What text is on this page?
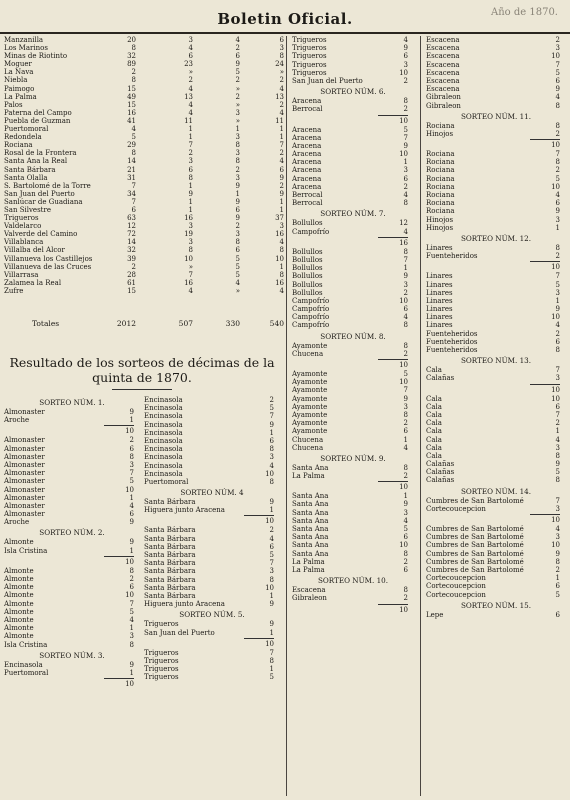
Boletin Oficial.	Año de 1870.
Manzanilla	20	3	4	6
Los Marinos	8	4	2	3
Minas de Riotinto	32	6	6	8
Moguer	89	23	9	24
La Nava	2	»	5	»
Niebla	8	2	2	2
Paimogo	15	4	»	4
La Palma	49	13	2	13
Palos	15	4	»	2
Paterna del Campo	16	4	3	4
Puebla de Guzman	41	11	»	11
Puertomoral	4	1	1	1
Redondela	5	1	3	1
Rociana	29	7	8	7
Rosal de la Frontera	8	2	3	2
Santa Ana la Real	14	3	8	4
Santa Bárbara	21	6	2	6
Santa Olalla	31	8	3	9
S. Bartolomé de la Torre	7	1	9	2
San Juan del Puerto	34	9	1	9
Sanlúcar de Guadiana	7	1	9	1
San Silvestre	6	1	6	1
Trigueros	63	16	9	37
Valdelarco	12	3	2	3
Valverde del Camino	72	19	3	16
Villablanca	14	3	8	4
Villalba del Alcor	32	8	6	8
Villanueva los Castillejos	39	10	5	10
Villanueva de las Cruces	2	»	5	1
Villarrasa	28	7	5	8
Zalamea la Real	61	16	4	16
Zufre	15	4	»	4
Totales	2012	507	330	540
Resultado de los sorteos de décimas de la quinta de 1870.
SORTEO NÚM. 1.
Almonaster	9
Aroche	1
10
Almonaster	2
Almonaster	6
Almonaster	8
Almonaster	3
Almonaster	7
Almonaster	5
Almonaster	10
Almonaster	1
Almonaster	4
Almonaster	6
Aroche	9
SORTEO NÚM. 2.
Almonte	9
Isla Cristina	1
10
Almonte	8
Almonte	2
Almonte	6
Almonte	10
Almonte	7
Almonte	5
Almonte	4
Almonte	1
Almonte	3
Isla Cristina	8
SORTEO NÚM. 3.
Encinasola	9
Puertomoral	1
10
Encinasola	2
Encinasola	5
Encinasola	7
Encinasola	9
Encinasola	1
Encinasola	6
Encinasola	8
Encinasola	3
Encinasola	4
Encinasola	10
Puertomoral	8
SORTEO NÚM. 4
Santa Bárbara	9
Higuera junto Aracena	1
10
Santa Bárbara	2
Santa Bárbara	4
Santa Bárbara	6
Santa Bárbara	5
Santa Bárbara	7
Santa Bárbara	3
Santa Bárbara	8
Santa Bárbara	10
Santa Bárbara	1
Higuera junto Aracena	9
SORTEO NÚM. 5.
Trigueros	9
San Juan del Puerto	1
10
Trigueros	7
Trigueros	8
Trigueros	1
Trigueros	5
Trigueros	4
Trigueros	9
Trigueros	6
Trigueros	3
Trigueros	10
San Juan del Puerto	2
SORTEO NÚM. 6.
Aracena	8
Berrocal	2
10
Aracena	5
Aracena	7
Aracena	9
Aracena	10
Aracena	1
Aracena	3
Aracena	6
Aracena	2
Berrocal	4
Berrocal	8
SORTEO NÚM. 7.
Bollullos	12
Campofrío	4
16
Bollullos	8
Bollullos	7
Bollullos	1
Bollullos	9
Bollullos	3
Bollullos	2
Campofrío	10
Campofrío	6
Campofrío	4
Campofrío	8
SORTEO NÚM. 8.
Ayamonte	8
Chucena	2
10
Ayamonte	5
Ayamonte	10
Ayamonte	7
Ayamonte	9
Ayamonte	3
Ayamonte	8
Ayamonte	2
Ayamonte	6
Chucena	1
Chucena	4
SORTEO NÚM. 9.
Santa Ana	8
La Palma	2
10
Santa Ana	1
Santa Ana	9
Santa Ana	3
Santa Ana	4
Santa Ana	5
Santa Ana	6
Santa Ana	10
Santa Ana	8
La Palma	2
La Palma	6
SORTEO NÚM. 10.
Escacena	8
Gibraleon	2
10
Escacena	2
Escacena	3
Escacena	10
Escacena	7
Escacena	5
Escacena	6
Escacena	9
Gibraleon	4
Gibraleon	8
SORTEO NÚM. 11.
Rociana	8
Hinojos	2
10
Rociana	7
Rociana	8
Rociana	2
Rociana	5
Rociana	10
Rociana	4
Rociana	6
Rociana	9
Hinojos	3
Hinojos	1
SORTEO NÚM. 12.
Linares	8
Fuenteheridos	2
10
Linares	7
Linares	5
Linares	3
Linares	1
Linares	9
Linares	10
Linares	4
Fuenteheridos	2
Fuenteheridos	6
Fuenteheridos	8
SORTEO NÚM. 13.
Cala	7
Calañas	3
10
Cala	10
Cala	6
Cala	7
Cala	2
Cala	1
Cala	4
Cala	3
Cala	8
Calañas	9
Calañas	5
Calañas	8
SORTEO NÚM. 14.
Cumbres de San Bartolomé	7
Cortecoucepcion	3
10
Cumbres de San Bartolomé	4
Cumbres de San Bartolomé	3
Cumbres de San Bartolomé	10
Cumbres de San Bartolomé	9
Cumbres de San Bartolomé	8
Cumbres de San Bartolomé	2
Cortecoucepcion	1
Cortecoucepcion	6
Cortecoucepcion	5
SORTEO NÚM. 15.
Lepe	6
